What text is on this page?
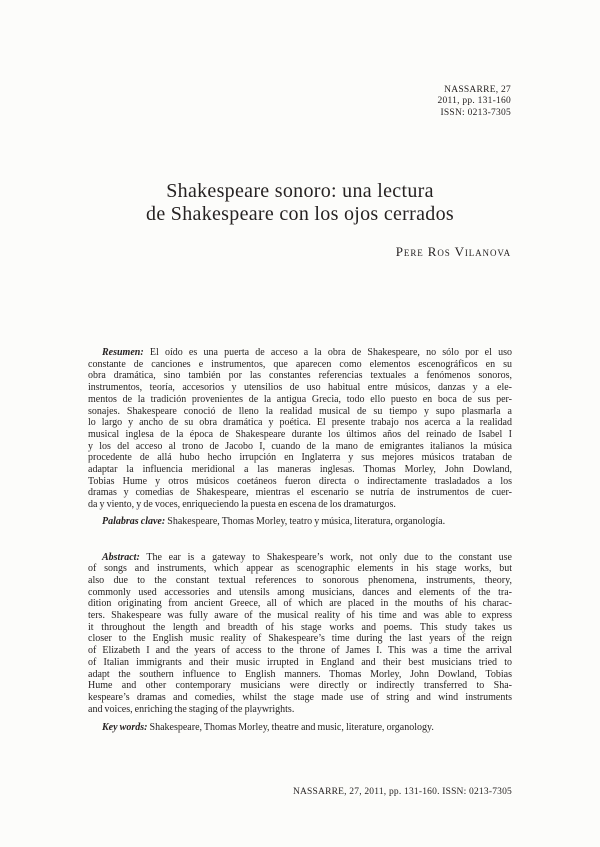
NASSARRE, 27
2011, pp. 131-160
ISSN: 0213-7305
Shakespeare sonoro: una lectura
de Shakespeare con los ojos cerrados
Pere Ros Vilanova
Resumen: El oído es una puerta de acceso a la obra de Shakespeare, no sólo por el uso
constante de canciones e instrumentos, que aparecen como elementos escenográficos en su
obra dramática, sino también por las constantes referencias textuales a fenómenos sonoros,
instrumentos, teoría, accesorios y utensilios de uso habitual entre músicos, danzas y a ele-
mentos de la tradición provenientes de la antigua Grecia, todo ello puesto en boca de sus per-
sonajes. Shakespeare conoció de lleno la realidad musical de su tiempo y supo plasmarla a
lo largo y ancho de su obra dramática y poética. El presente trabajo nos acerca a la realidad
musical inglesa de la época de Shakespeare durante los últimos años del reinado de Isabel I
y los del acceso al trono de Jacobo I, cuando de la mano de emigrantes italianos la música
procedente de allá hubo hecho irrupción en Inglaterra y sus mejores músicos trataban de
adaptar la influencia meridional a las maneras inglesas. Thomas Morley, John Dowland,
Tobias Hume y otros músicos coetáneos fueron directa o indirectamente trasladados a los
dramas y comedias de Shakespeare, mientras el escenario se nutría de instrumentos de cuer-
da y viento, y de voces, enriqueciendo la puesta en escena de los dramaturgos.
Palabras clave: Shakespeare, Thomas Morley, teatro y música, literatura, organología.
Abstract: The ear is a gateway to Shakespeare’s work, not only due to the constant use
of songs and instruments, which appear as scenographic elements in his stage works, but
also due to the constant textual references to sonorous phenomena, instruments, theory,
commonly used accessories and utensils among musicians, dances and elements of the tra-
dition originating from ancient Greece, all of which are placed in the mouths of his charac-
ters. Shakespeare was fully aware of the musical reality of his time and was able to express
it throughout the length and breadth of his stage works and poems. This study takes us
closer to the English music reality of Shakespeare’s time during the last years of the reign
of Elizabeth I and the years of access to the throne of James I. This was a time the arrival
of Italian immigrants and their music irrupted in England and their best musicians tried to
adapt the southern influence to English manners. Thomas Morley, John Dowland, Tobias
Hume and other contemporary musicians were directly or indirectly transferred to Sha-
kespeare’s dramas and comedies, whilst the stage made use of string and wind instruments
and voices, enriching the staging of the playwrights.
Key words: Shakespeare, Thomas Morley, theatre and music, literature, organology.
NASSARRE, 27, 2011, pp. 131-160. ISSN: 0213-7305
